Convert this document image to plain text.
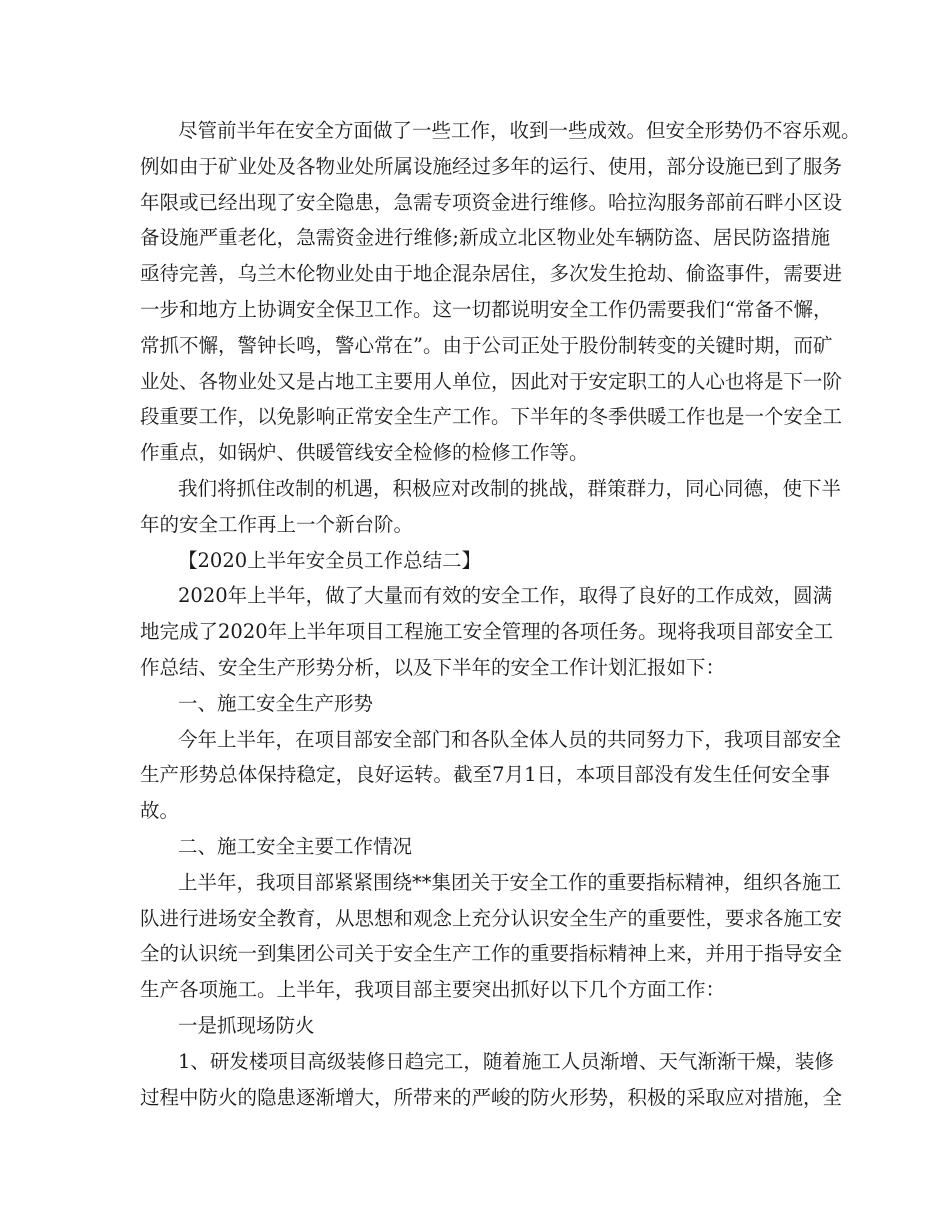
尽管前半年在安全方面做了一些工作，收到一些成效。但安全形势仍不容乐观。
例如由于矿业处及各物业处所属设施经过多年的运行、使用，部分设施已到了服务
年限或已经出现了安全隐患，急需专项资金进行维修。哈拉沟服务部前石畔小区设
备设施严重老化，急需资金进行维修;新成立北区物业处车辆防盗、居民防盗措施
亟待完善，乌兰木伦物业处由于地企混杂居住，多次发生抢劫、偷盗事件，需要进
一步和地方上协调安全保卫工作。这一切都说明安全工作仍需要我们“常备不懈，
常抓不懈，警钟长鸣，警心常在”。由于公司正处于股份制转变的关键时期，而矿
业处、各物业处又是占地工主要用人单位，因此对于安定职工的人心也将是下一阶
段重要工作，以免影响正常安全生产工作。下半年的冬季供暖工作也是一个安全工
作重点，如锅炉、供暖管线安全检修的检修工作等。
我们将抓住改制的机遇，积极应对改制的挑战，群策群力，同心同德，使下半
年的安全工作再上一个新台阶。
【2020上半年安全员工作总结二】
2020年上半年，做了大量而有效的安全工作，取得了良好的工作成效，圆满
地完成了2020年上半年项目工程施工安全管理的各项任务。现将我项目部安全工
作总结、安全生产形势分析，以及下半年的安全工作计划汇报如下：
一、施工安全生产形势
今年上半年，在项目部安全部门和各队全体人员的共同努力下，我项目部安全
生产形势总体保持稳定，良好运转。截至7月1日，本项目部没有发生任何安全事
故。
二、施工安全主要工作情况
上半年，我项目部紧紧围绕**集团关于安全工作的重要指标精神，组织各施工
队进行进场安全教育，从思想和观念上充分认识安全生产的重要性，要求各施工安
全的认识统一到集团公司关于安全生产工作的重要指标精神上来，并用于指导安全
生产各项施工。上半年，我项目部主要突出抓好以下几个方面工作：
一是抓现场防火
1、研发楼项目高级装修日趋完工，随着施工人员渐增、天气渐渐干燥，装修
过程中防火的隐患逐渐增大，所带来的严峻的防火形势，积极的采取应对措施，全
